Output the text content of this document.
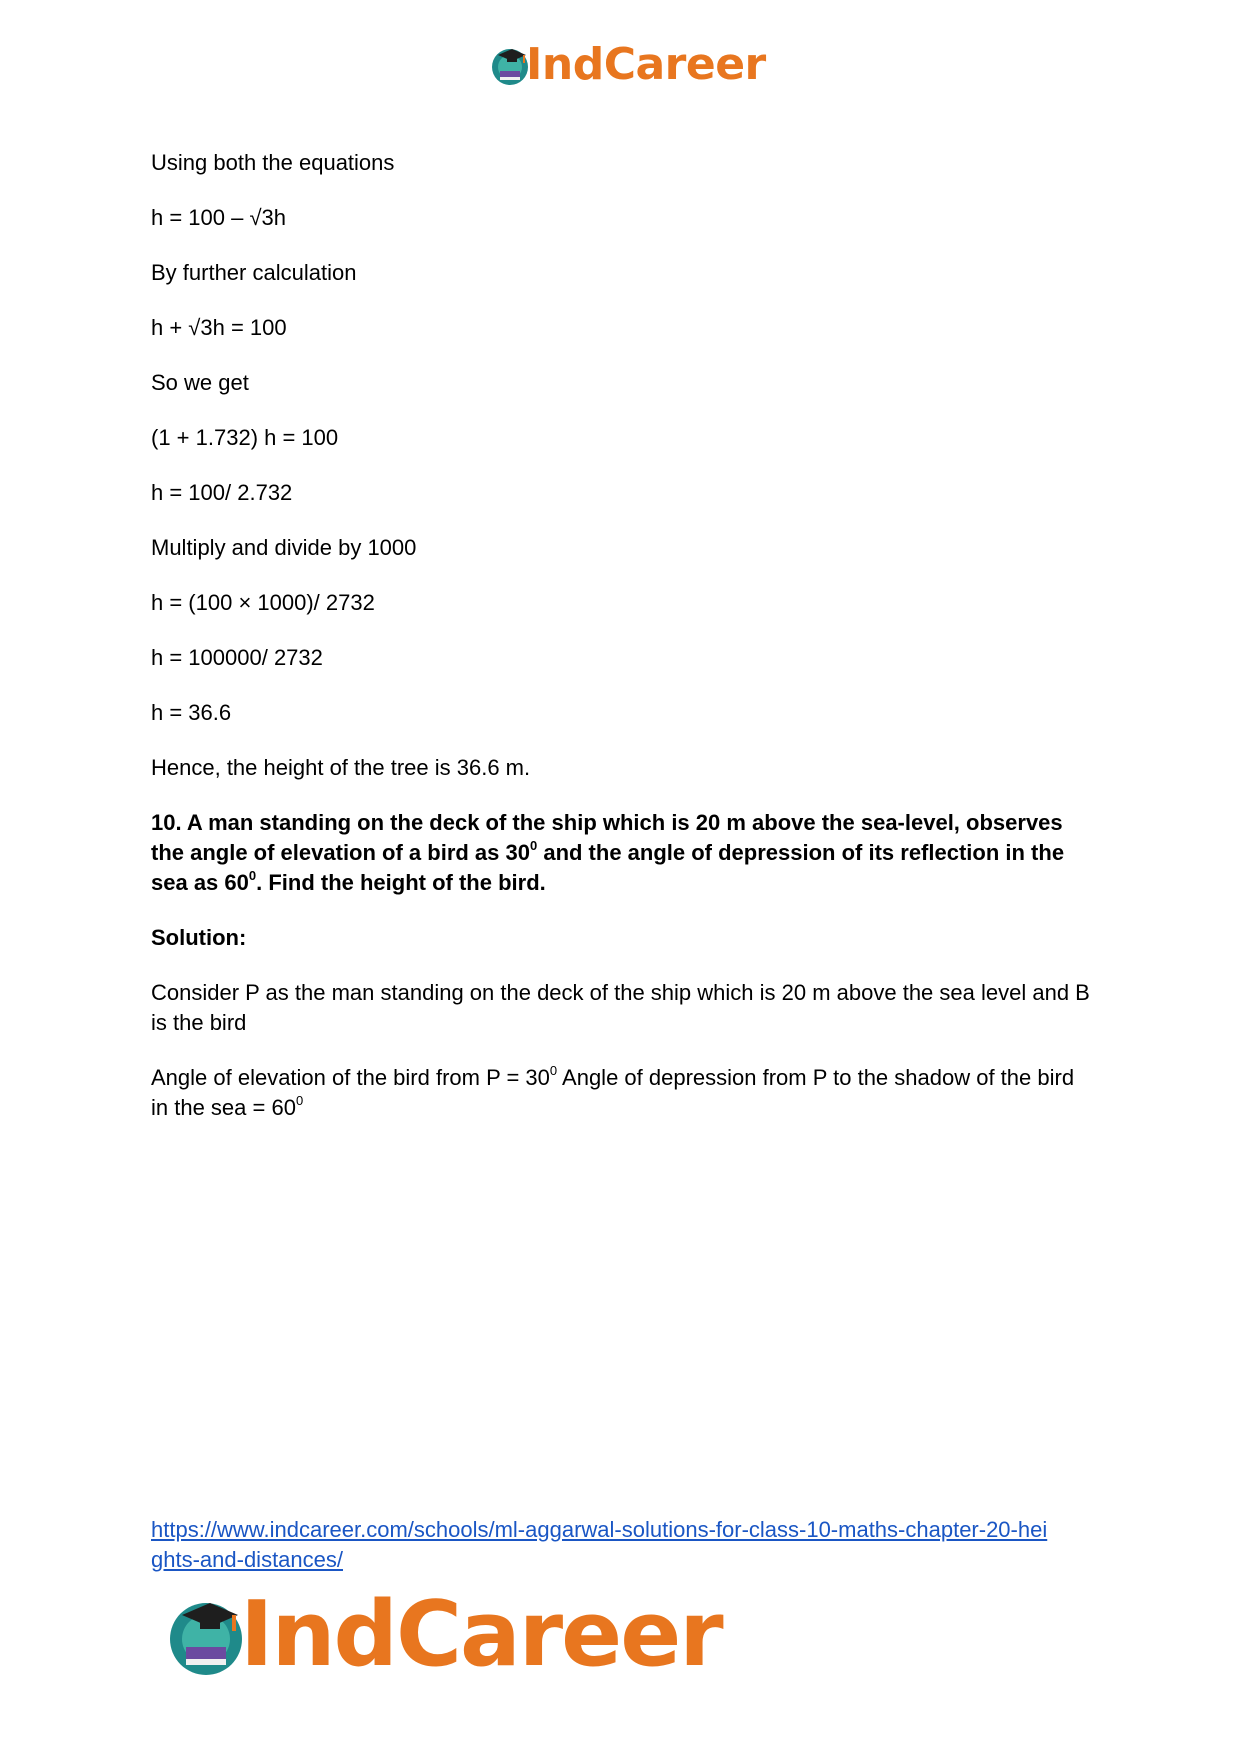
IndCareer

Using both the equations

h = 100 – √3h

By further calculation

h + √3h = 100

So we get

(1 + 1.732) h = 100

h = 100/ 2.732

Multiply and divide by 1000

h = (100 × 1000)/ 2732

h = 100000/ 2732

h = 36.6

Hence, the height of the tree is 36.6 m.

10. A man standing on the deck of the ship which is 20 m above the sea-level, observes the angle of elevation of a bird as $30^0$ and the angle of depression of its reflection in the sea as $60^0$. Find the height of the bird.

Solution:

Consider P as the man standing on the deck of the ship which is 20 m above the sea level and B is the bird

Angle of elevation of the bird from $P = 30^0$ Angle of depression from P to the shadow of the bird in the sea = $60^0$

https://www.indcareer.com/schools/ml-aggarwal-solutions-for-class-10-maths-chapter-20-hei
ghts-and-distances/
IndCareer
